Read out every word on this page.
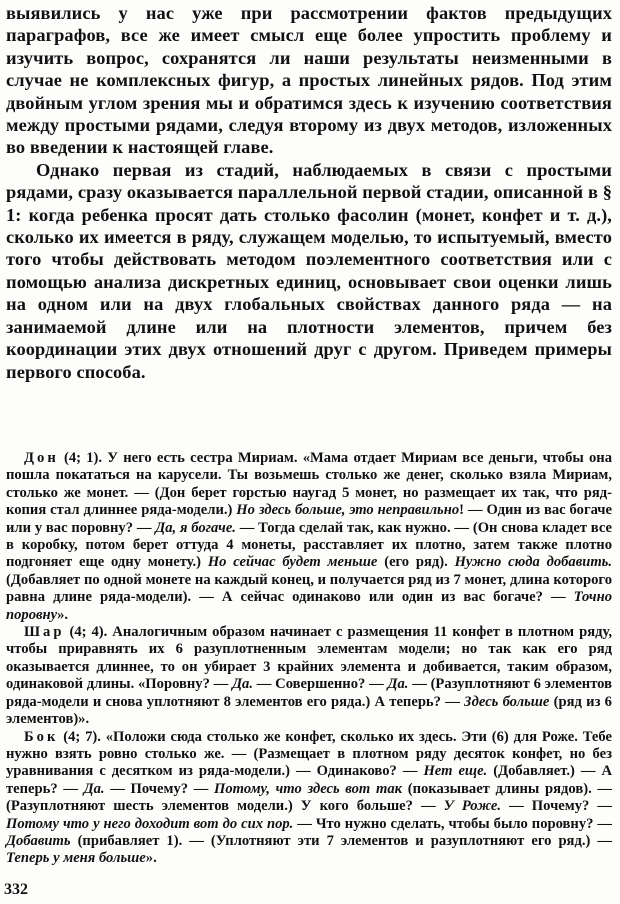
выявились у нас уже при рассмотрении фактов предыдущих параграфов, все же имеет смысл еще более упростить проблему и изучить вопрос, сохранятся ли наши результаты неизменными в случае не комплексных фигур, а простых линейных рядов. Под этим двойным углом зрения мы и обратимся здесь к изучению соответствия между простыми рядами, следуя второму из двух методов, изложенных во введении к настоящей главе.

Однако первая из стадий, наблюдаемых в связи с простыми рядами, сразу оказывается параллельной первой стадии, описанной в § 1: когда ребенка просят дать столько фасолин (монет, конфет и т. д.), сколько их имеется в ряду, служащем моделью, то испытуемый, вместо того чтобы действовать методом поэлементного соответствия или с помощью анализа дискретных единиц, основывает свои оценки лишь на одном или на двух глобальных свойствах данного ряда — на занимаемой длине или на плотности элементов, причем без координации этих двух отношений друг с другом. Приведем примеры первого способа.

Дон (4; 1). У него есть сестра Мириам. «Мама отдает Мириам все деньги, чтобы она пошла покататься на карусели. Ты возьмешь столько же денег, сколько взяла Мириам, столько же монет. — (Дон берет горстью наугад 5 монет, но размещает их так, что ряд-копия стал длиннее ряда-модели.) Но здесь больше, это неправильно! — Один из вас богаче или у вас поровну? — Да, я богаче. — Тогда сделай так, как нужно. — (Он снова кладет все в коробку, потом берет оттуда 4 монеты, расставляет их плотно, затем также плотно подгоняет еще одну монету.) Но сейчас будет меньше (его ряд). Нужно сюда добавить. (Добавляет по одной монете на каждый конец, и получается ряд из 7 монет, длина которого равна длине ряда-модели). — А сейчас одинаково или один из вас богаче? — Точно поровну».

Шар (4; 4). Аналогичным образом начинает с размещения 11 конфет в плотном ряду, чтобы приравнять их 6 разуплотненным элементам модели; но так как его ряд оказывается длиннее, то он убирает 3 крайних элемента и добивается, таким образом, одинаковой длины. «Поровну? — Да. — Совершенно? — Да. — (Разуплотняют 6 элементов ряда-модели и снова уплотняют 8 элементов его ряда.) А теперь? — Здесь больше (ряд из 6 элементов)».

Бок (4; 7). «Положи сюда столько же конфет, сколько их здесь. Эти (6) для Роже. Тебе нужно взять ровно столько же. — (Размещает в плотном ряду десяток конфет, но без уравнивания с десятком из ряда-модели.) — Одинаково? — Нет еще. (Добавляет.) — А теперь? — Да. — Почему? — Потому, что здесь вот так (показывает длины рядов). — (Разуплотняют шесть элементов модели.) У кого больше? — У Роже. — Почему? — Потому что у него доходит вот до сих пор. — Что нужно сделать, чтобы было поровну? — Добавить (прибавляет 1). — (Уплотняют эти 7 элементов и разуплотняют его ряд.) — Теперь у меня больше».

332
